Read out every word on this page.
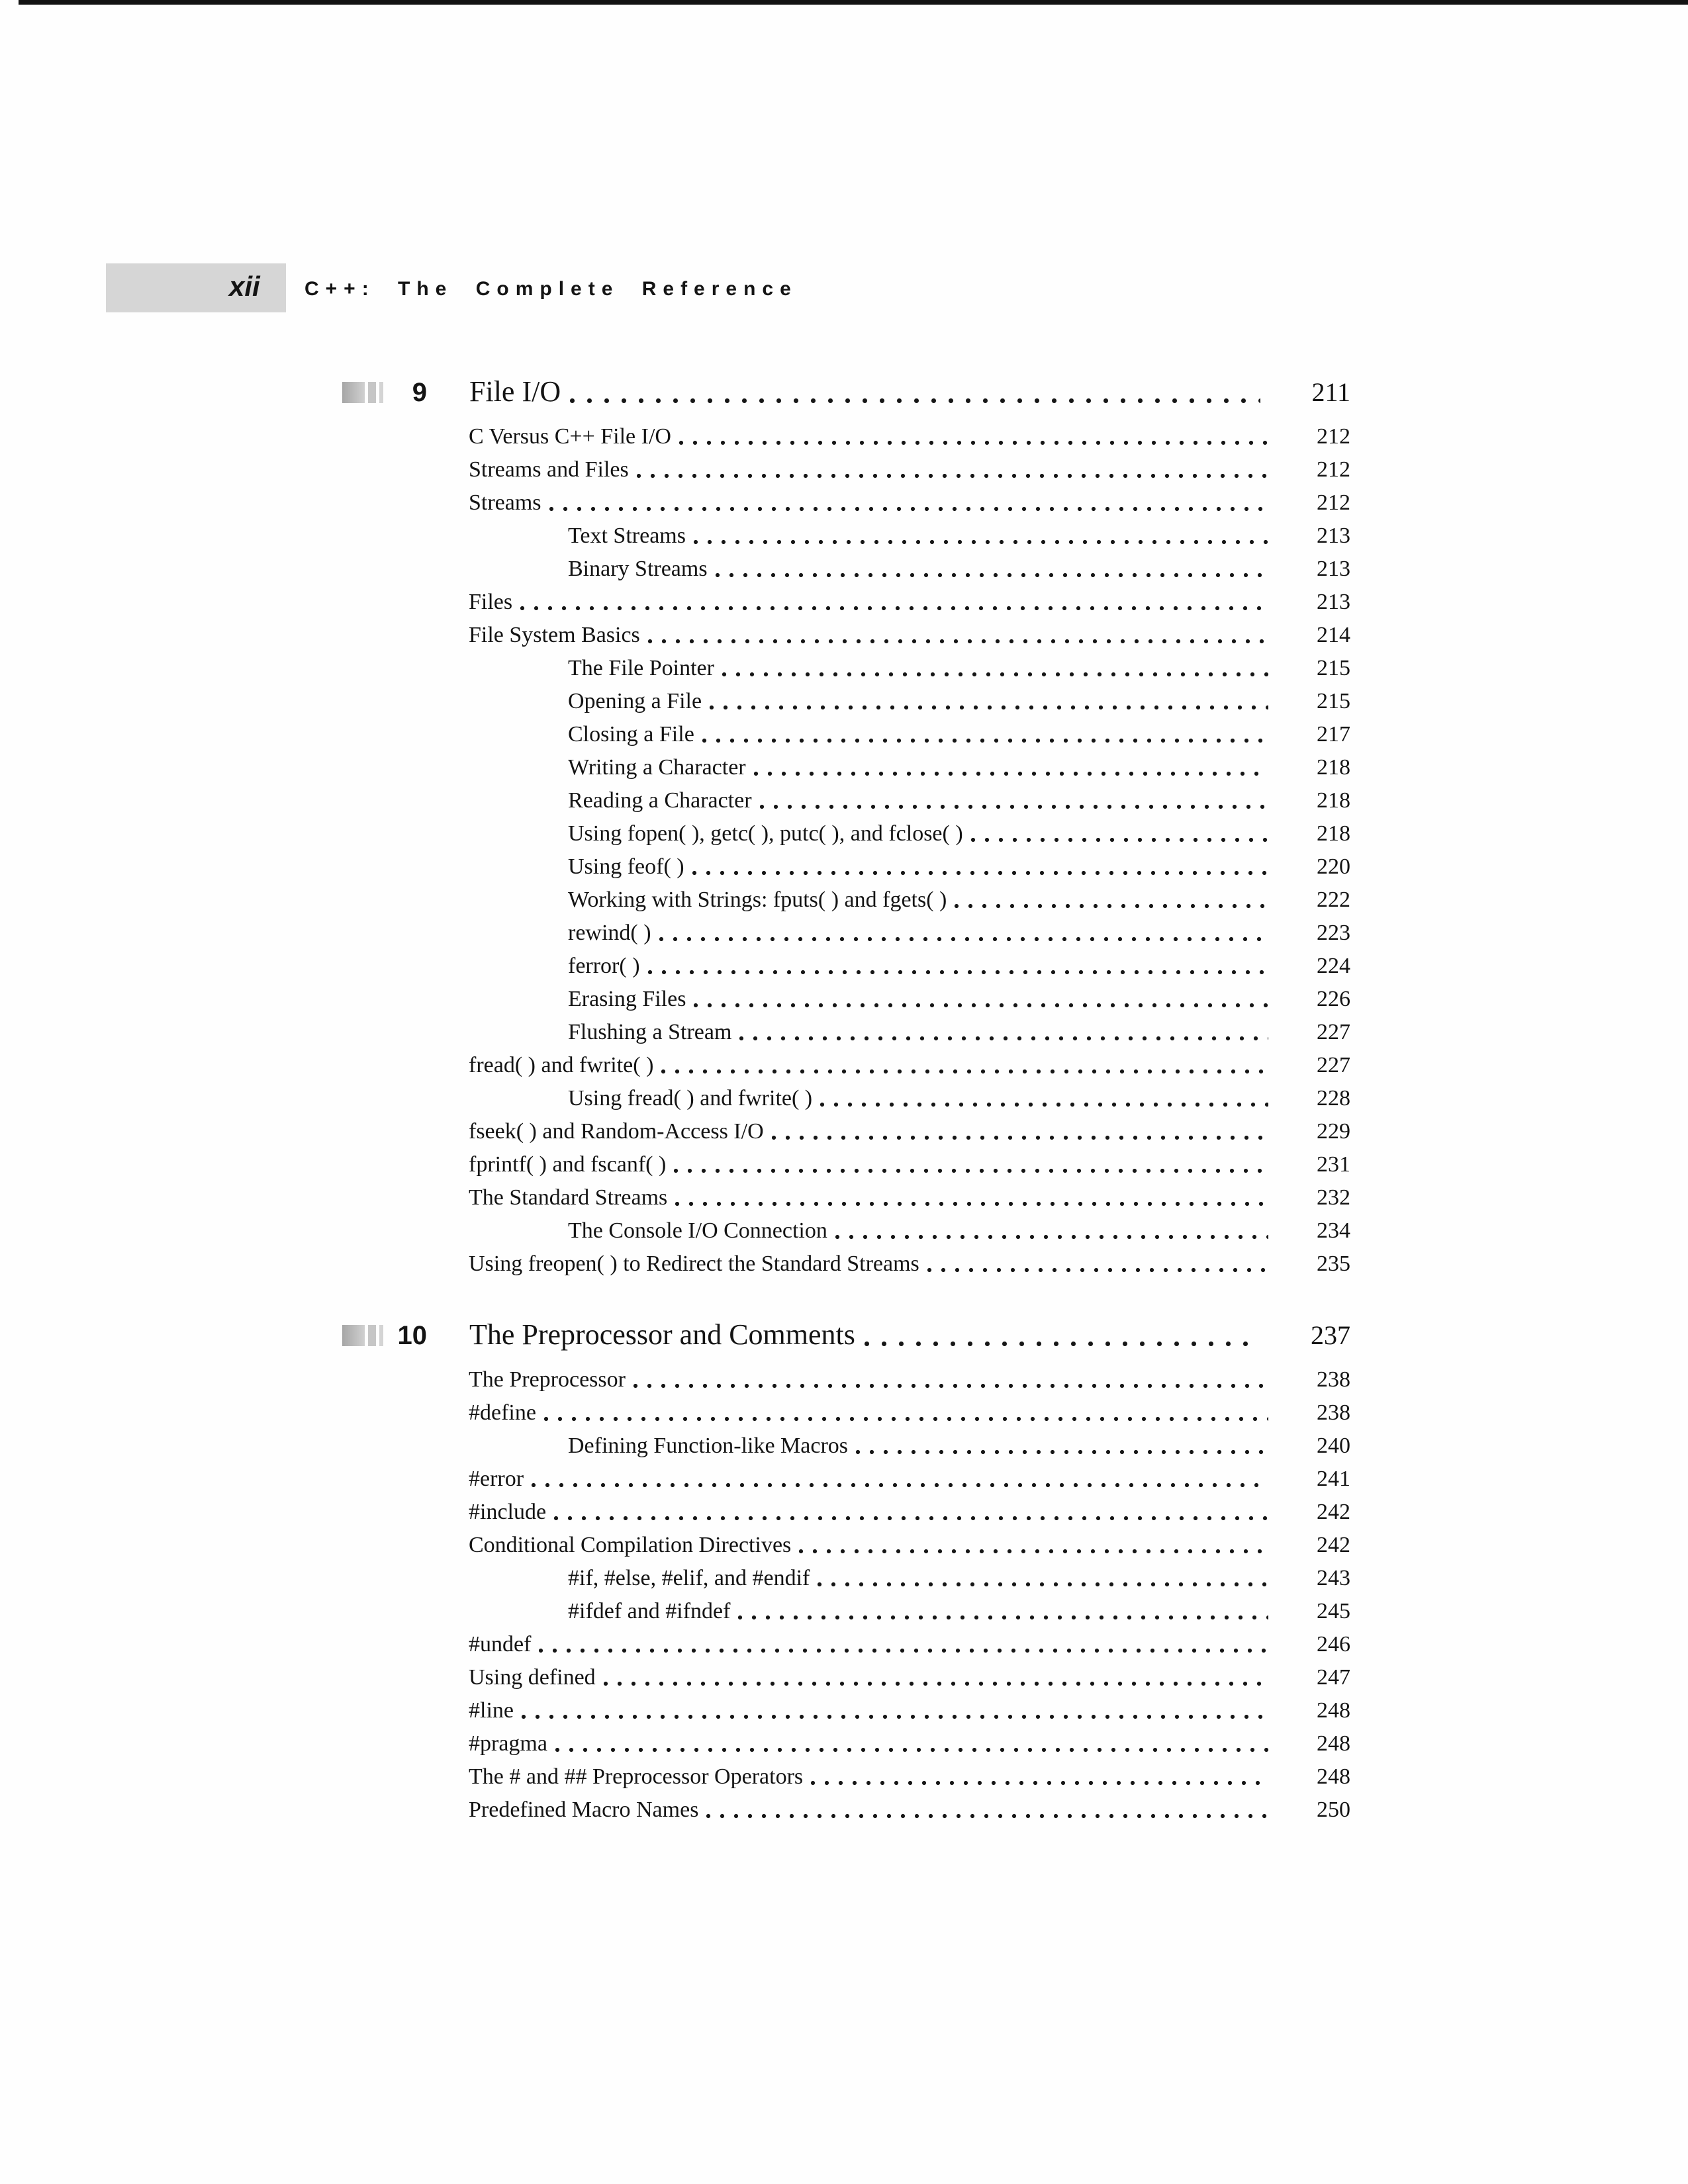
xii C++: The Complete Reference
9 File I/O	211
C Versus C++ File I/O	212
Streams and Files	212
Streams	212
Text Streams	213
Binary Streams	213
Files	213
File System Basics	214
The File Pointer	215
Opening a File	215
Closing a File	217
Writing a Character	218
Reading a Character	218
Using fopen( ), getc( ), putc( ), and fclose( )	218
Using feof( )	220
Working with Strings: fputs( ) and fgets( )	222
rewind( )	223
ferror( )	224
Erasing Files	226
Flushing a Stream	227
fread( ) and fwrite( )	227
Using fread( ) and fwrite( )	228
fseek( ) and Random-Access I/O	229
fprintf( ) and fscanf( )	231
The Standard Streams	232
The Console I/O Connection	234
Using freopen( ) to Redirect the Standard Streams	235
10 The Preprocessor and Comments	237
The Preprocessor	238
#define	238
Defining Function-like Macros	240
#error	241
#include	242
Conditional Compilation Directives	242
#if, #else, #elif, and #endif	243
#ifdef and #ifndef	245
#undef	246
Using defined	247
#line	248
#pragma	248
The # and ## Preprocessor Operators	248
Predefined Macro Names	250
